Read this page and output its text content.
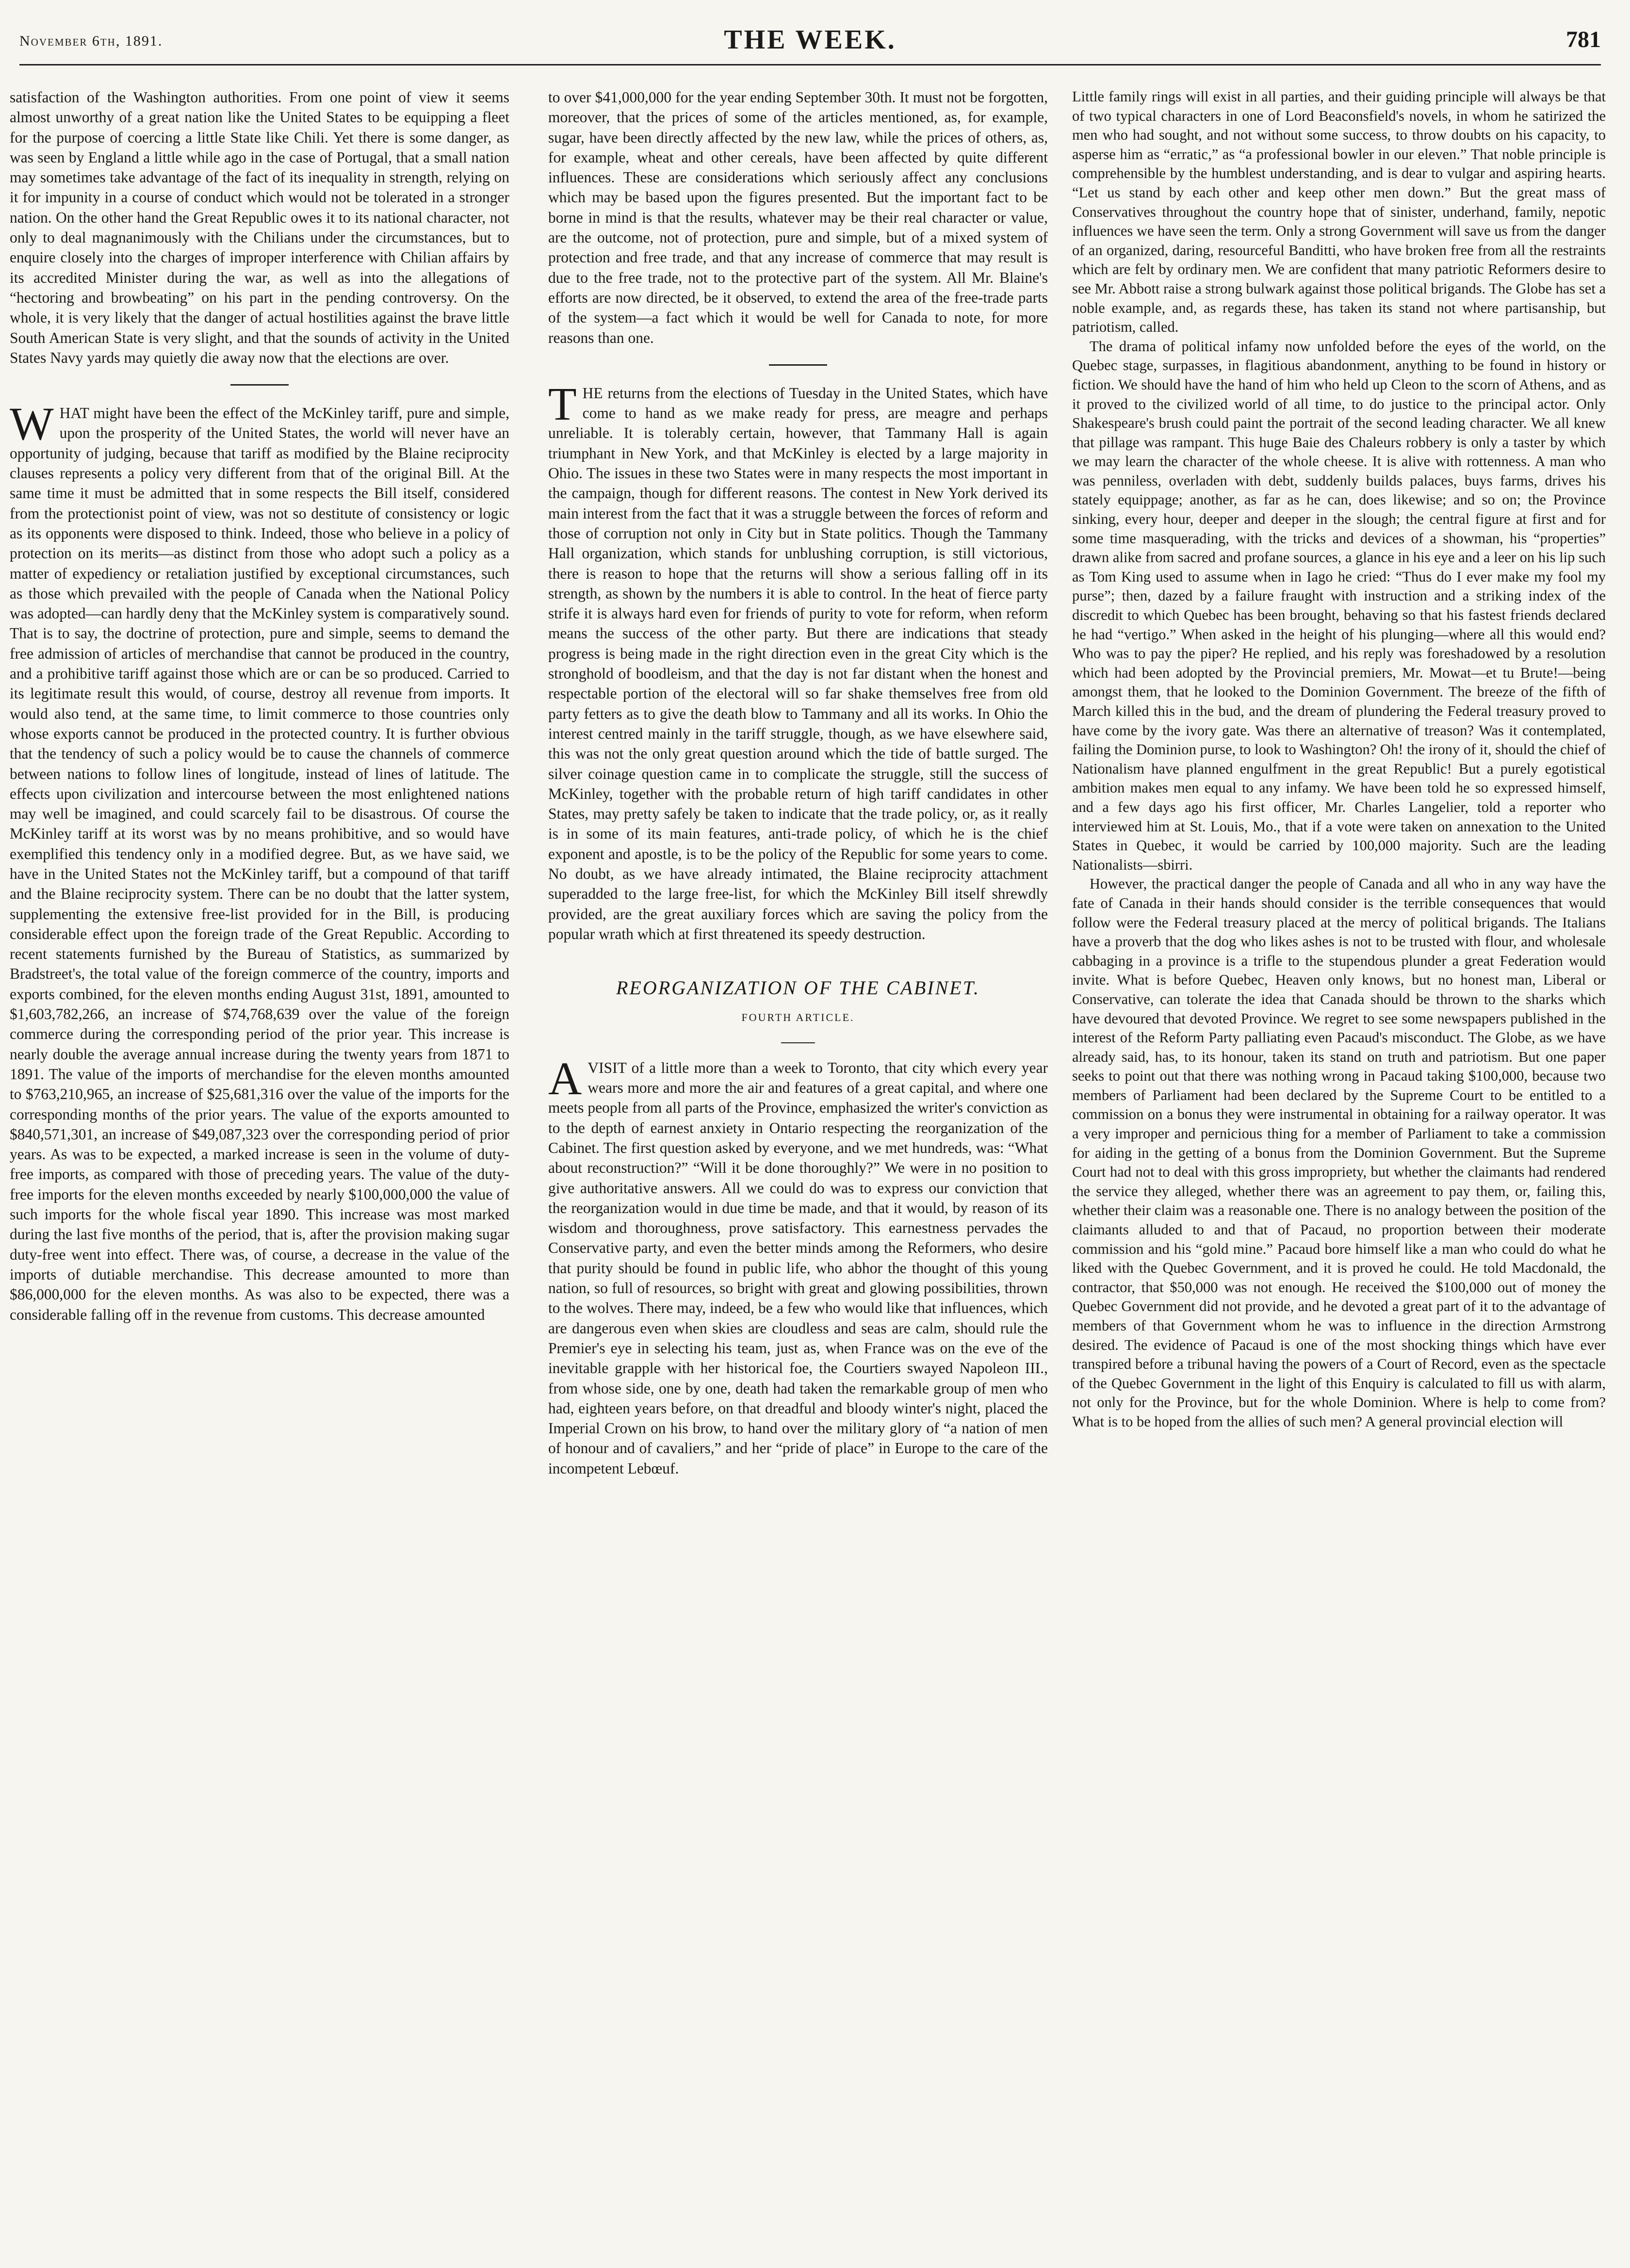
November 6th, 1891.	THE WEEK.	781

satisfaction of the Washington authorities. From one point of view it seems almost unworthy of a great nation like the United States to be equipping a fleet for the purpose of coercing a little State like Chili. Yet there is some danger, as was seen by England a little while ago in the case of Portugal, that a small nation may sometimes take advantage of the fact of its inequality in strength, relying on it for impunity in a course of conduct which would not be tolerated in a stronger nation. On the other hand the Great Republic owes it to its national character, not only to deal magnanimously with the Chilians under the circumstances, but to enquire closely into the charges of improper interference with Chilian affairs by its accredited Minister during the war, as well as into the allegations of “hectoring and browbeating” on his part in the pending controversy. On the whole, it is very likely that the danger of actual hostilities against the brave little South American State is very slight, and that the sounds of activity in the United States Navy yards may quietly die away now that the elections are over.

WHAT might have been the effect of the McKinley tariff, pure and simple, upon the prosperity of the United States, the world will never have an opportunity of judging, because that tariff as modified by the Blaine reciprocity clauses represents a policy very different from that of the original Bill. At the same time it must be admitted that in some respects the Bill itself, considered from the protectionist point of view, was not so destitute of consistency or logic as its opponents were disposed to think. Indeed, those who believe in a policy of protection on its merits—as distinct from those who adopt such a policy as a matter of expediency or retaliation justified by exceptional circumstances, such as those which prevailed with the people of Canada when the National Policy was adopted—can hardly deny that the McKinley system is comparatively sound. That is to say, the doctrine of protection, pure and simple, seems to demand the free admission of articles of merchandise that cannot be produced in the country, and a prohibitive tariff against those which are or can be so produced. Carried to its legitimate result this would, of course, destroy all revenue from imports. It would also tend, at the same time, to limit commerce to those countries only whose exports cannot be produced in the protected country. It is further obvious that the tendency of such a policy would be to cause the channels of commerce between nations to follow lines of longitude, instead of lines of latitude. The effects upon civilization and intercourse between the most enlightened nations may well be imagined, and could scarcely fail to be disastrous. Of course the McKinley tariff at its worst was by no means prohibitive, and so would have exemplified this tendency only in a modified degree. But, as we have said, we have in the United States not the McKinley tariff, but a compound of that tariff and the Blaine reciprocity system. There can be no doubt that the latter system, supplementing the extensive free-list provided for in the Bill, is producing considerable effect upon the foreign trade of the Great Republic. According to recent statements furnished by the Bureau of Statistics, as summarized by Bradstreet's, the total value of the foreign commerce of the country, imports and exports combined, for the eleven months ending August 31st, 1891, amounted to $1,603,782,266, an increase of $74,768,639 over the value of the foreign commerce during the corresponding period of the prior year. This increase is nearly double the average annual increase during the twenty years from 1871 to 1891. The value of the imports of merchandise for the eleven months amounted to $763,210,965, an increase of $25,681,316 over the value of the imports for the corresponding months of the prior years. The value of the exports amounted to $840,571,301, an increase of $49,087,323 over the corresponding period of prior years. As was to be expected, a marked increase is seen in the volume of duty-free imports, as compared with those of preceding years. The value of the duty-free imports for the eleven months exceeded by nearly $100,000,000 the value of such imports for the whole fiscal year 1890. This increase was most marked during the last five months of the period, that is, after the provision making sugar duty-free went into effect. There was, of course, a decrease in the value of the imports of dutiable merchandise. This decrease amounted to more than $86,000,000 for the eleven months. As was also to be expected, there was a considerable falling off in the revenue from customs. This decrease amounted

to over $41,000,000 for the year ending September 30th. It must not be forgotten, moreover, that the prices of some of the articles mentioned, as, for example, sugar, have been directly affected by the new law, while the prices of others, as, for example, wheat and other cereals, have been affected by quite different influences. These are considerations which seriously affect any conclusions which may be based upon the figures presented. But the important fact to be borne in mind is that the results, whatever may be their real character or value, are the outcome, not of protection, pure and simple, but of a mixed system of protection and free trade, and that any increase of commerce that may result is due to the free trade, not to the protective part of the system. All Mr. Blaine's efforts are now directed, be it observed, to extend the area of the free-trade parts of the system—a fact which it would be well for Canada to note, for more reasons than one.

THE returns from the elections of Tuesday in the United States, which have come to hand as we make ready for press, are meagre and perhaps unreliable. It is tolerably certain, however, that Tammany Hall is again triumphant in New York, and that McKinley is elected by a large majority in Ohio. The issues in these two States were in many respects the most important in the campaign, though for different reasons. The contest in New York derived its main interest from the fact that it was a struggle between the forces of reform and those of corruption not only in City but in State politics. Though the Tammany Hall organization, which stands for unblushing corruption, is still victorious, there is reason to hope that the returns will show a serious falling off in its strength, as shown by the numbers it is able to control. In the heat of fierce party strife it is always hard even for friends of purity to vote for reform, when reform means the success of the other party. But there are indications that steady progress is being made in the right direction even in the great City which is the stronghold of boodleism, and that the day is not far distant when the honest and respectable portion of the electoral will so far shake themselves free from old party fetters as to give the death blow to Tammany and all its works. In Ohio the interest centred mainly in the tariff struggle, though, as we have elsewhere said, this was not the only great question around which the tide of battle surged. The silver coinage question came in to complicate the struggle, still the success of McKinley, together with the probable return of high tariff candidates in other States, may pretty safely be taken to indicate that the trade policy, or, as it really is in some of its main features, anti-trade policy, of which he is the chief exponent and apostle, is to be the policy of the Republic for some years to come. No doubt, as we have already intimated, the Blaine reciprocity attachment superadded to the large free-list, for which the McKinley Bill itself shrewdly provided, are the great auxiliary forces which are saving the policy from the popular wrath which at first threatened its speedy destruction.

REORGANIZATION OF THE CABINET.
FOURTH ARTICLE.

A VISIT of a little more than a week to Toronto, that city which every year wears more and more the air and features of a great capital, and where one meets people from all parts of the Province, emphasized the writer's conviction as to the depth of earnest anxiety in Ontario respecting the reorganization of the Cabinet. The first question asked by everyone, and we met hundreds, was: “What about reconstruction?” “Will it be done thoroughly?” We were in no position to give authoritative answers. All we could do was to express our conviction that the reorganization would in due time be made, and that it would, by reason of its wisdom and thoroughness, prove satisfactory. This earnestness pervades the Conservative party, and even the better minds among the Reformers, who desire that purity should be found in public life, who abhor the thought of this young nation, so full of resources, so bright with great and glowing possibilities, thrown to the wolves. There may, indeed, be a few who would like that influences, which are dangerous even when skies are cloudless and seas are calm, should rule the Premier's eye in selecting his team, just as, when France was on the eve of the inevitable grapple with her historical foe, the Courtiers swayed Napoleon III., from whose side, one by one, death had taken the remarkable group of men who had, eighteen years before, on that dreadful and bloody winter's night, placed the Imperial Crown on his brow, to hand over the military glory of “a nation of men of honour and of cavaliers,” and her “pride of place” in Europe to the care of the incompetent Lebœuf.

Little family rings will exist in all parties, and their guiding principle will always be that of two typical characters in one of Lord Beaconsfield's novels, in whom he satirized the men who had sought, and not without some success, to throw doubts on his capacity, to asperse him as “erratic,” as “a professional bowler in our eleven.” That noble principle is comprehensible by the humblest understanding, and is dear to vulgar and aspiring hearts. “Let us stand by each other and keep other men down.” But the great mass of Conservatives throughout the country hope that of sinister, underhand, family, nepotic influences we have seen the term. Only a strong Government will save us from the danger of an organized, daring, resourceful Banditti, who have broken free from all the restraints which are felt by ordinary men. We are confident that many patriotic Reformers desire to see Mr. Abbott raise a strong bulwark against those political brigands. The Globe has set a noble example, and, as regards these, has taken its stand not where partisanship, but patriotism, called.

The drama of political infamy now unfolded before the eyes of the world, on the Quebec stage, surpasses, in flagitious abandonment, anything to be found in history or fiction. We should have the hand of him who held up Cleon to the scorn of Athens, and as it proved to the civilized world of all time, to do justice to the principal actor. Only Shakespeare's brush could paint the portrait of the second leading character. We all knew that pillage was rampant. This huge Baie des Chaleurs robbery is only a taster by which we may learn the character of the whole cheese. It is alive with rottenness. A man who was penniless, overladen with debt, suddenly builds palaces, buys farms, drives his stately equippage; another, as far as he can, does likewise; and so on; the Province sinking, every hour, deeper and deeper in the slough; the central figure at first and for some time masquerading, with the tricks and devices of a showman, his “properties” drawn alike from sacred and profane sources, a glance in his eye and a leer on his lip such as Tom King used to assume when in Iago he cried: “Thus do I ever make my fool my purse”; then, dazed by a failure fraught with instruction and a striking index of the discredit to which Quebec has been brought, behaving so that his fastest friends declared he had “vertigo.” When asked in the height of his plunging—where all this would end? Who was to pay the piper? He replied, and his reply was foreshadowed by a resolution which had been adopted by the Provincial premiers, Mr. Mowat—et tu Brute!—being amongst them, that he looked to the Dominion Government. The breeze of the fifth of March killed this in the bud, and the dream of plundering the Federal treasury proved to have come by the ivory gate. Was there an alternative of treason? Was it contemplated, failing the Dominion purse, to look to Washington? Oh! the irony of it, should the chief of Nationalism have planned engulfment in the great Republic! But a purely egotistical ambition makes men equal to any infamy. We have been told he so expressed himself, and a few days ago his first officer, Mr. Charles Langelier, told a reporter who interviewed him at St. Louis, Mo., that if a vote were taken on annexation to the United States in Quebec, it would be carried by 100,000 majority. Such are the leading Nationalists—sbirri.

However, the practical danger the people of Canada and all who in any way have the fate of Canada in their hands should consider is the terrible consequences that would follow were the Federal treasury placed at the mercy of political brigands. The Italians have a proverb that the dog who likes ashes is not to be trusted with flour, and wholesale cabbaging in a province is a trifle to the stupendous plunder a great Federation would invite. What is before Quebec, Heaven only knows, but no honest man, Liberal or Conservative, can tolerate the idea that Canada should be thrown to the sharks which have devoured that devoted Province. We regret to see some newspapers published in the interest of the Reform Party palliating even Pacaud's misconduct. The Globe, as we have already said, has, to its honour, taken its stand on truth and patriotism. But one paper seeks to point out that there was nothing wrong in Pacaud taking $100,000, because two members of Parliament had been declared by the Supreme Court to be entitled to a commission on a bonus they were instrumental in obtaining for a railway operator. It was a very improper and pernicious thing for a member of Parliament to take a commission for aiding in the getting of a bonus from the Dominion Government. But the Supreme Court had not to deal with this gross impropriety, but whether the claimants had rendered the service they alleged, whether there was an agreement to pay them, or, failing this, whether their claim was a reasonable one. There is no analogy between the position of the claimants alluded to and that of Pacaud, no proportion between their moderate commission and his “gold mine.” Pacaud bore himself like a man who could do what he liked with the Quebec Government, and it is proved he could. He told Macdonald, the contractor, that $50,000 was not enough. He received the $100,000 out of money the Quebec Government did not provide, and he devoted a great part of it to the advantage of members of that Government whom he was to influence in the direction Armstrong desired. The evidence of Pacaud is one of the most shocking things which have ever transpired before a tribunal having the powers of a Court of Record, even as the spectacle of the Quebec Government in the light of this Enquiry is calculated to fill us with alarm, not only for the Province, but for the whole Dominion. Where is help to come from? What is to be hoped from the allies of such men? A general provincial election will
